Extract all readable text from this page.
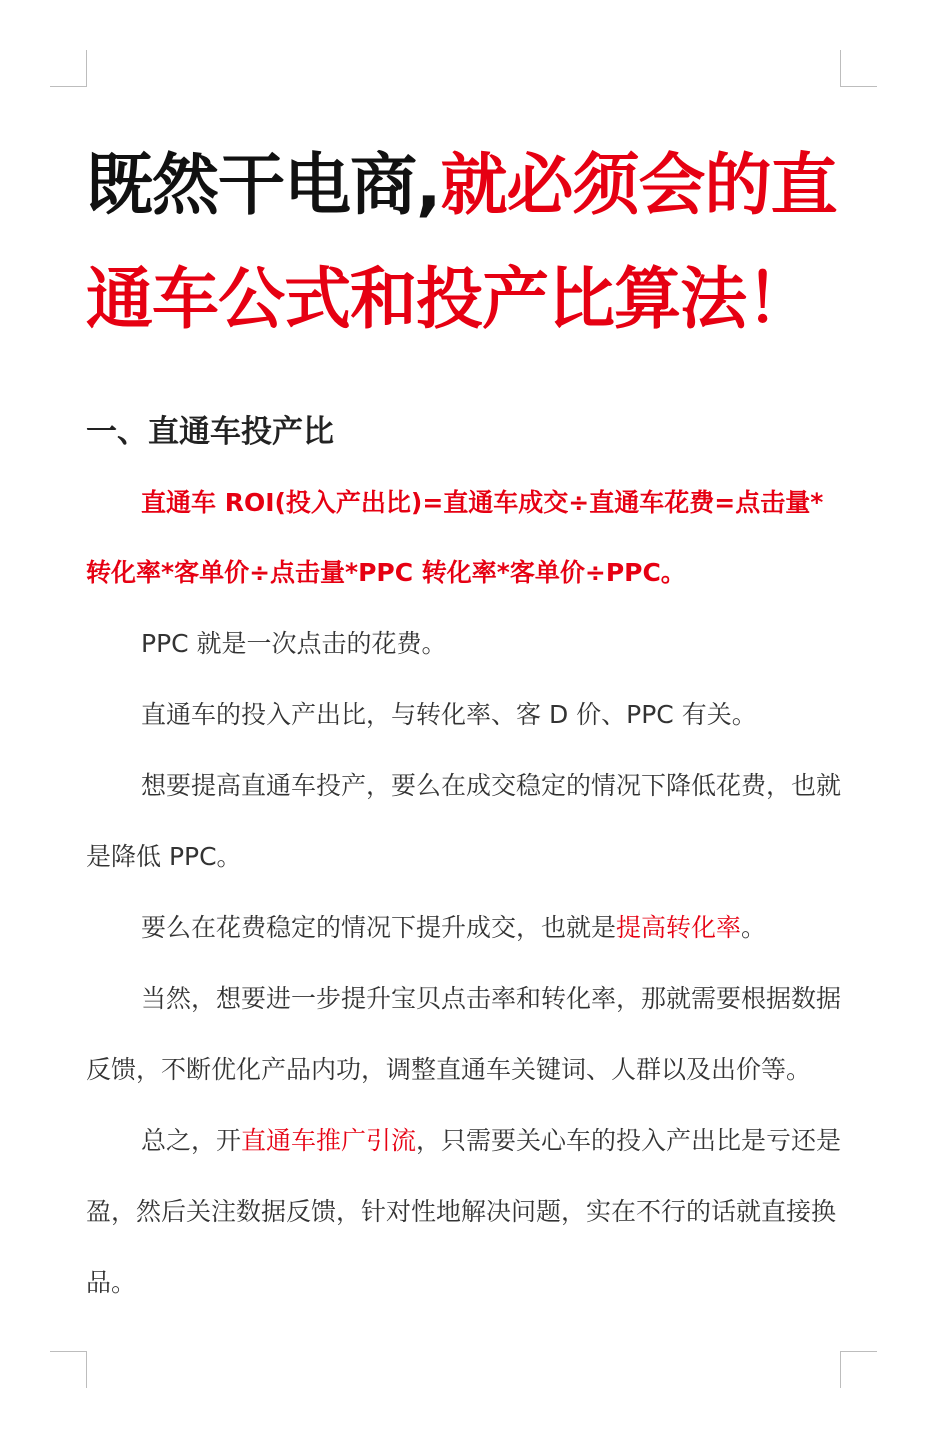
既然干电商,就必须会的直通车公式和投产比算法！
一、直通车投产比

直通车 ROI(投入产出比)=直通车成交÷直通车花费=点击量*转化率*客单价÷点击量*PPC 转化率*客单价÷PPC。

PPC 就是一次点击的花费。

直通车的投入产出比，与转化率、客 D 价、PPC 有关。

想要提高直通车投产，要么在成交稳定的情况下降低花费，也就是降低 PPC。

要么在花费稳定的情况下提升成交，也就是提高转化率。

当然，想要进一步提升宝贝点击率和转化率，那就需要根据数据反馈，不断优化产品内功，调整直通车关键词、人群以及出价等。

总之，开直通车推广引流，只需要关心车的投入产出比是亏还是盈，然后关注数据反馈，针对性地解决问题，实在不行的话就直接换品。
